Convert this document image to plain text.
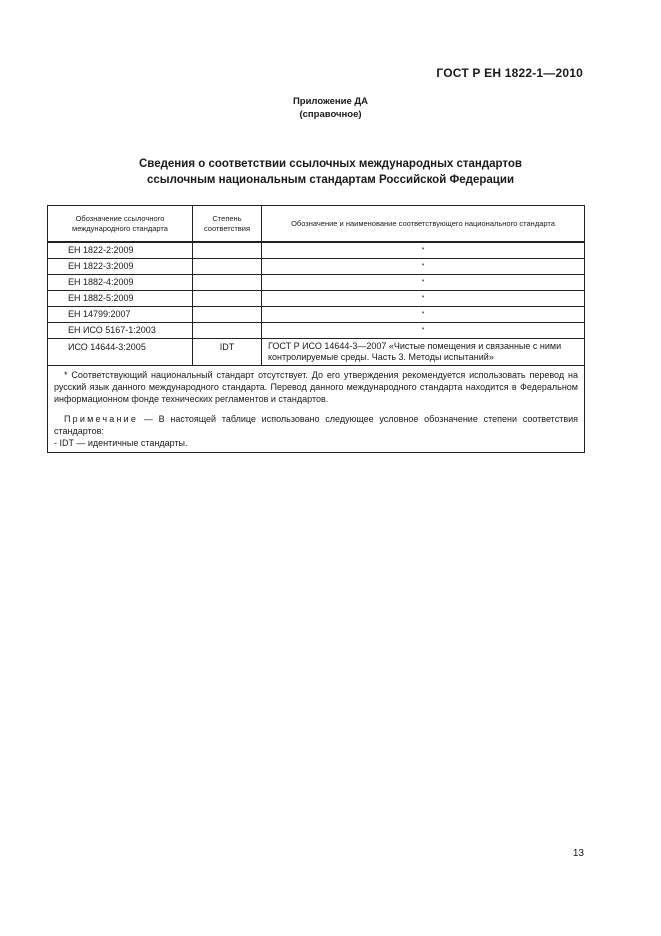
ГОСТ Р ЕН 1822-1—2010
Приложение ДА
(справочное)
Сведения о соответствии ссылочных международных стандартов
ссылочным национальным стандартам Российской Федерации
Обозначение ссылочного международного стандарта	Степень соответствия	Обозначение и наименование соответствующего национального стандарта
ЕН 1822-2:2009		*
ЕН 1822-3:2009		*
ЕН 1882-4:2009		*
ЕН 1882-5:2009		*
ЕН 14799:2007		*
ЕН ИСО 5167-1:2003		*
ИСО 14644-3:2005	IDT	ГОСТ Р ИСО 14644-3—2007 «Чистые помещения и связанные с ними контролируемые среды. Часть 3. Методы испытаний»

* Соответствующий национальный стандарт отсутствует. До его утверждения рекомендуется использовать перевод на русский язык данного международного стандарта. Перевод данного международного стандарта находится в Федеральном информационном фонде технических регламентов и стандартов.

Примечание — В настоящей таблице использовано следующее условное обозначение степени соответствия стандартов:

- IDT — идентичные стандарты.		

13
